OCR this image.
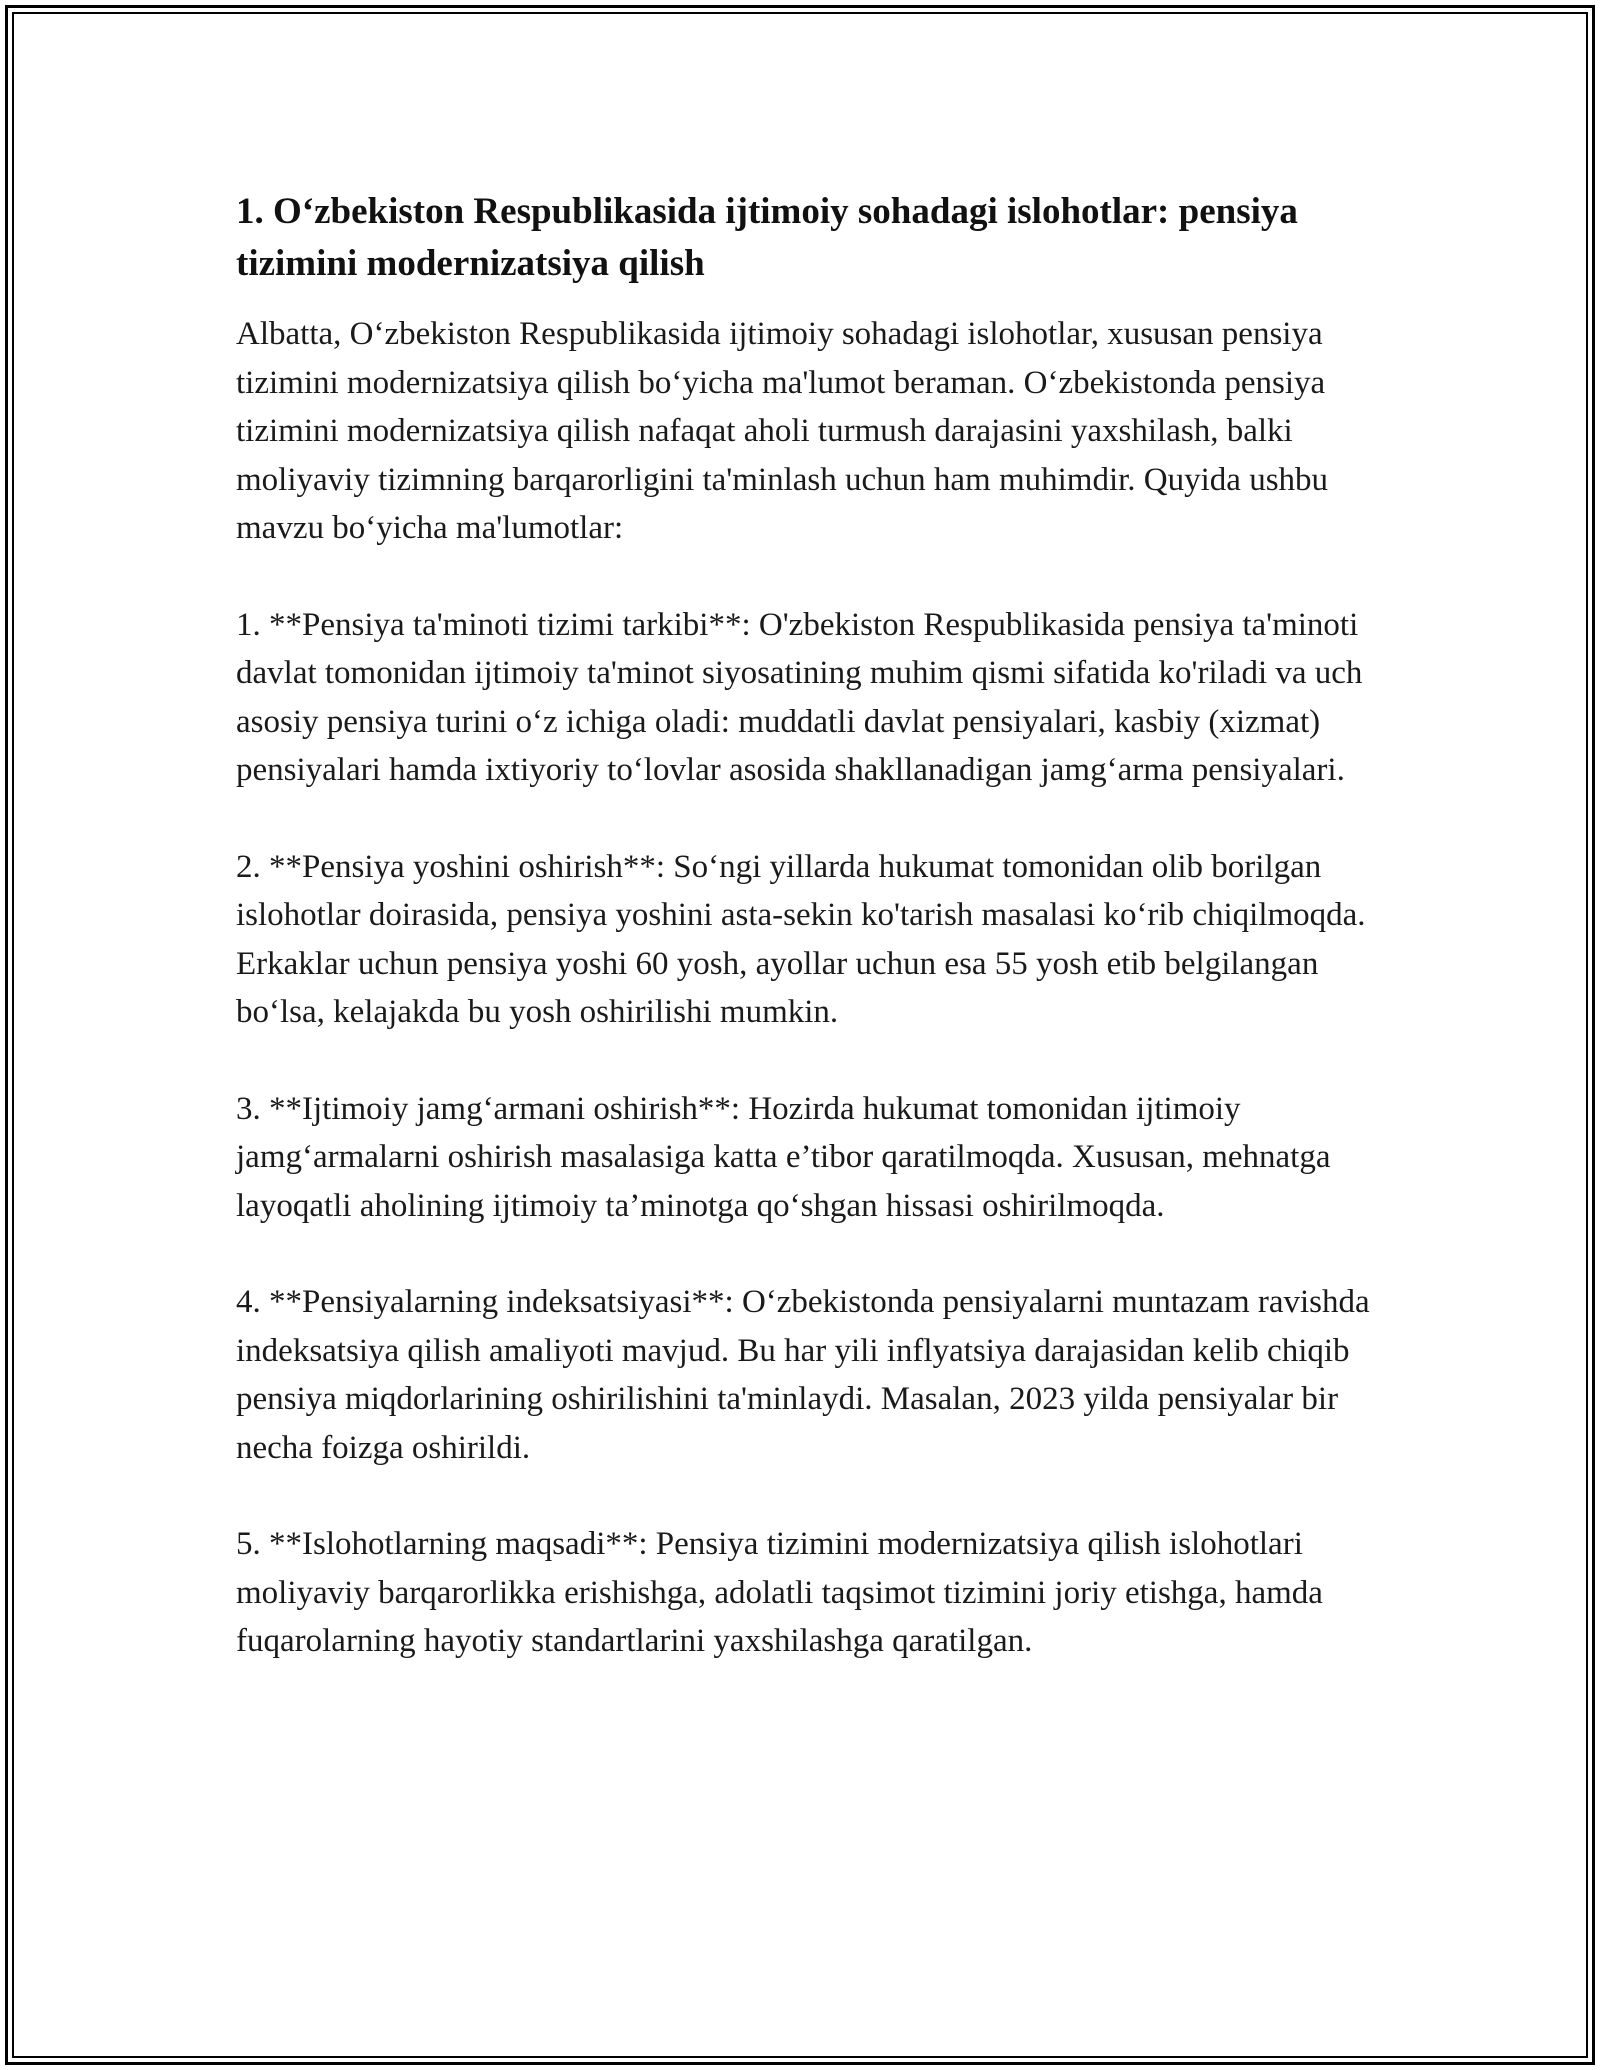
1. Oʻzbekiston Respublikasida ijtimoiy sohadagi islohotlar: pensiya tizimini modernizatsiya qilish

Albatta, Oʻzbekiston Respublikasida ijtimoiy sohadagi islohotlar, xususan pensiya tizimini modernizatsiya qilish boʻyicha ma'lumot beraman. Oʻzbekistonda pensiya tizimini modernizatsiya qilish nafaqat aholi turmush darajasini yaxshilash, balki moliyaviy tizimning barqarorligini ta'minlash uchun ham muhimdir. Quyida ushbu mavzu boʻyicha ma'lumotlar:

1. **Pensiya ta'minoti tizimi tarkibi**: O'zbekiston Respublikasida pensiya ta'minoti davlat tomonidan ijtimoiy ta'minot siyosatining muhim qismi sifatida ko'riladi va uch asosiy pensiya turini oʻz ichiga oladi: muddatli davlat pensiyalari, kasbiy (xizmat) pensiyalari hamda ixtiyoriy toʻlovlar asosida shakllanadigan jamgʻarma pensiyalari.

2. **Pensiya yoshini oshirish**: Soʻngi yillarda hukumat tomonidan olib borilgan islohotlar doirasida, pensiya yoshini asta-sekin ko'tarish masalasi koʻrib chiqilmoqda. Erkaklar uchun pensiya yoshi 60 yosh, ayollar uchun esa 55 yosh etib belgilangan boʻlsa, kelajakda bu yosh oshirilishi mumkin.

3. **Ijtimoiy jamgʻarmani oshirish**: Hozirda hukumat tomonidan ijtimoiy jamgʻarmalarni oshirish masalasiga katta e’tibor qaratilmoqda. Xususan, mehnatga layoqatli aholining ijtimoiy ta’minotga qoʻshgan hissasi oshirilmoqda.

4. **Pensiyalarning indeksatsiyasi**: Oʻzbekistonda pensiyalarni muntazam ravishda indeksatsiya qilish amaliyoti mavjud. Bu har yili inflyatsiya darajasidan kelib chiqib pensiya miqdorlarining oshirilishini ta'minlaydi. Masalan, 2023 yilda pensiyalar bir necha foizga oshirildi.

5. **Islohotlarning maqsadi**: Pensiya tizimini modernizatsiya qilish islohotlari moliyaviy barqarorlikka erishishga, adolatli taqsimot tizimini joriy etishga, hamda fuqarolarning hayotiy standartlarini yaxshilashga qaratilgan.
